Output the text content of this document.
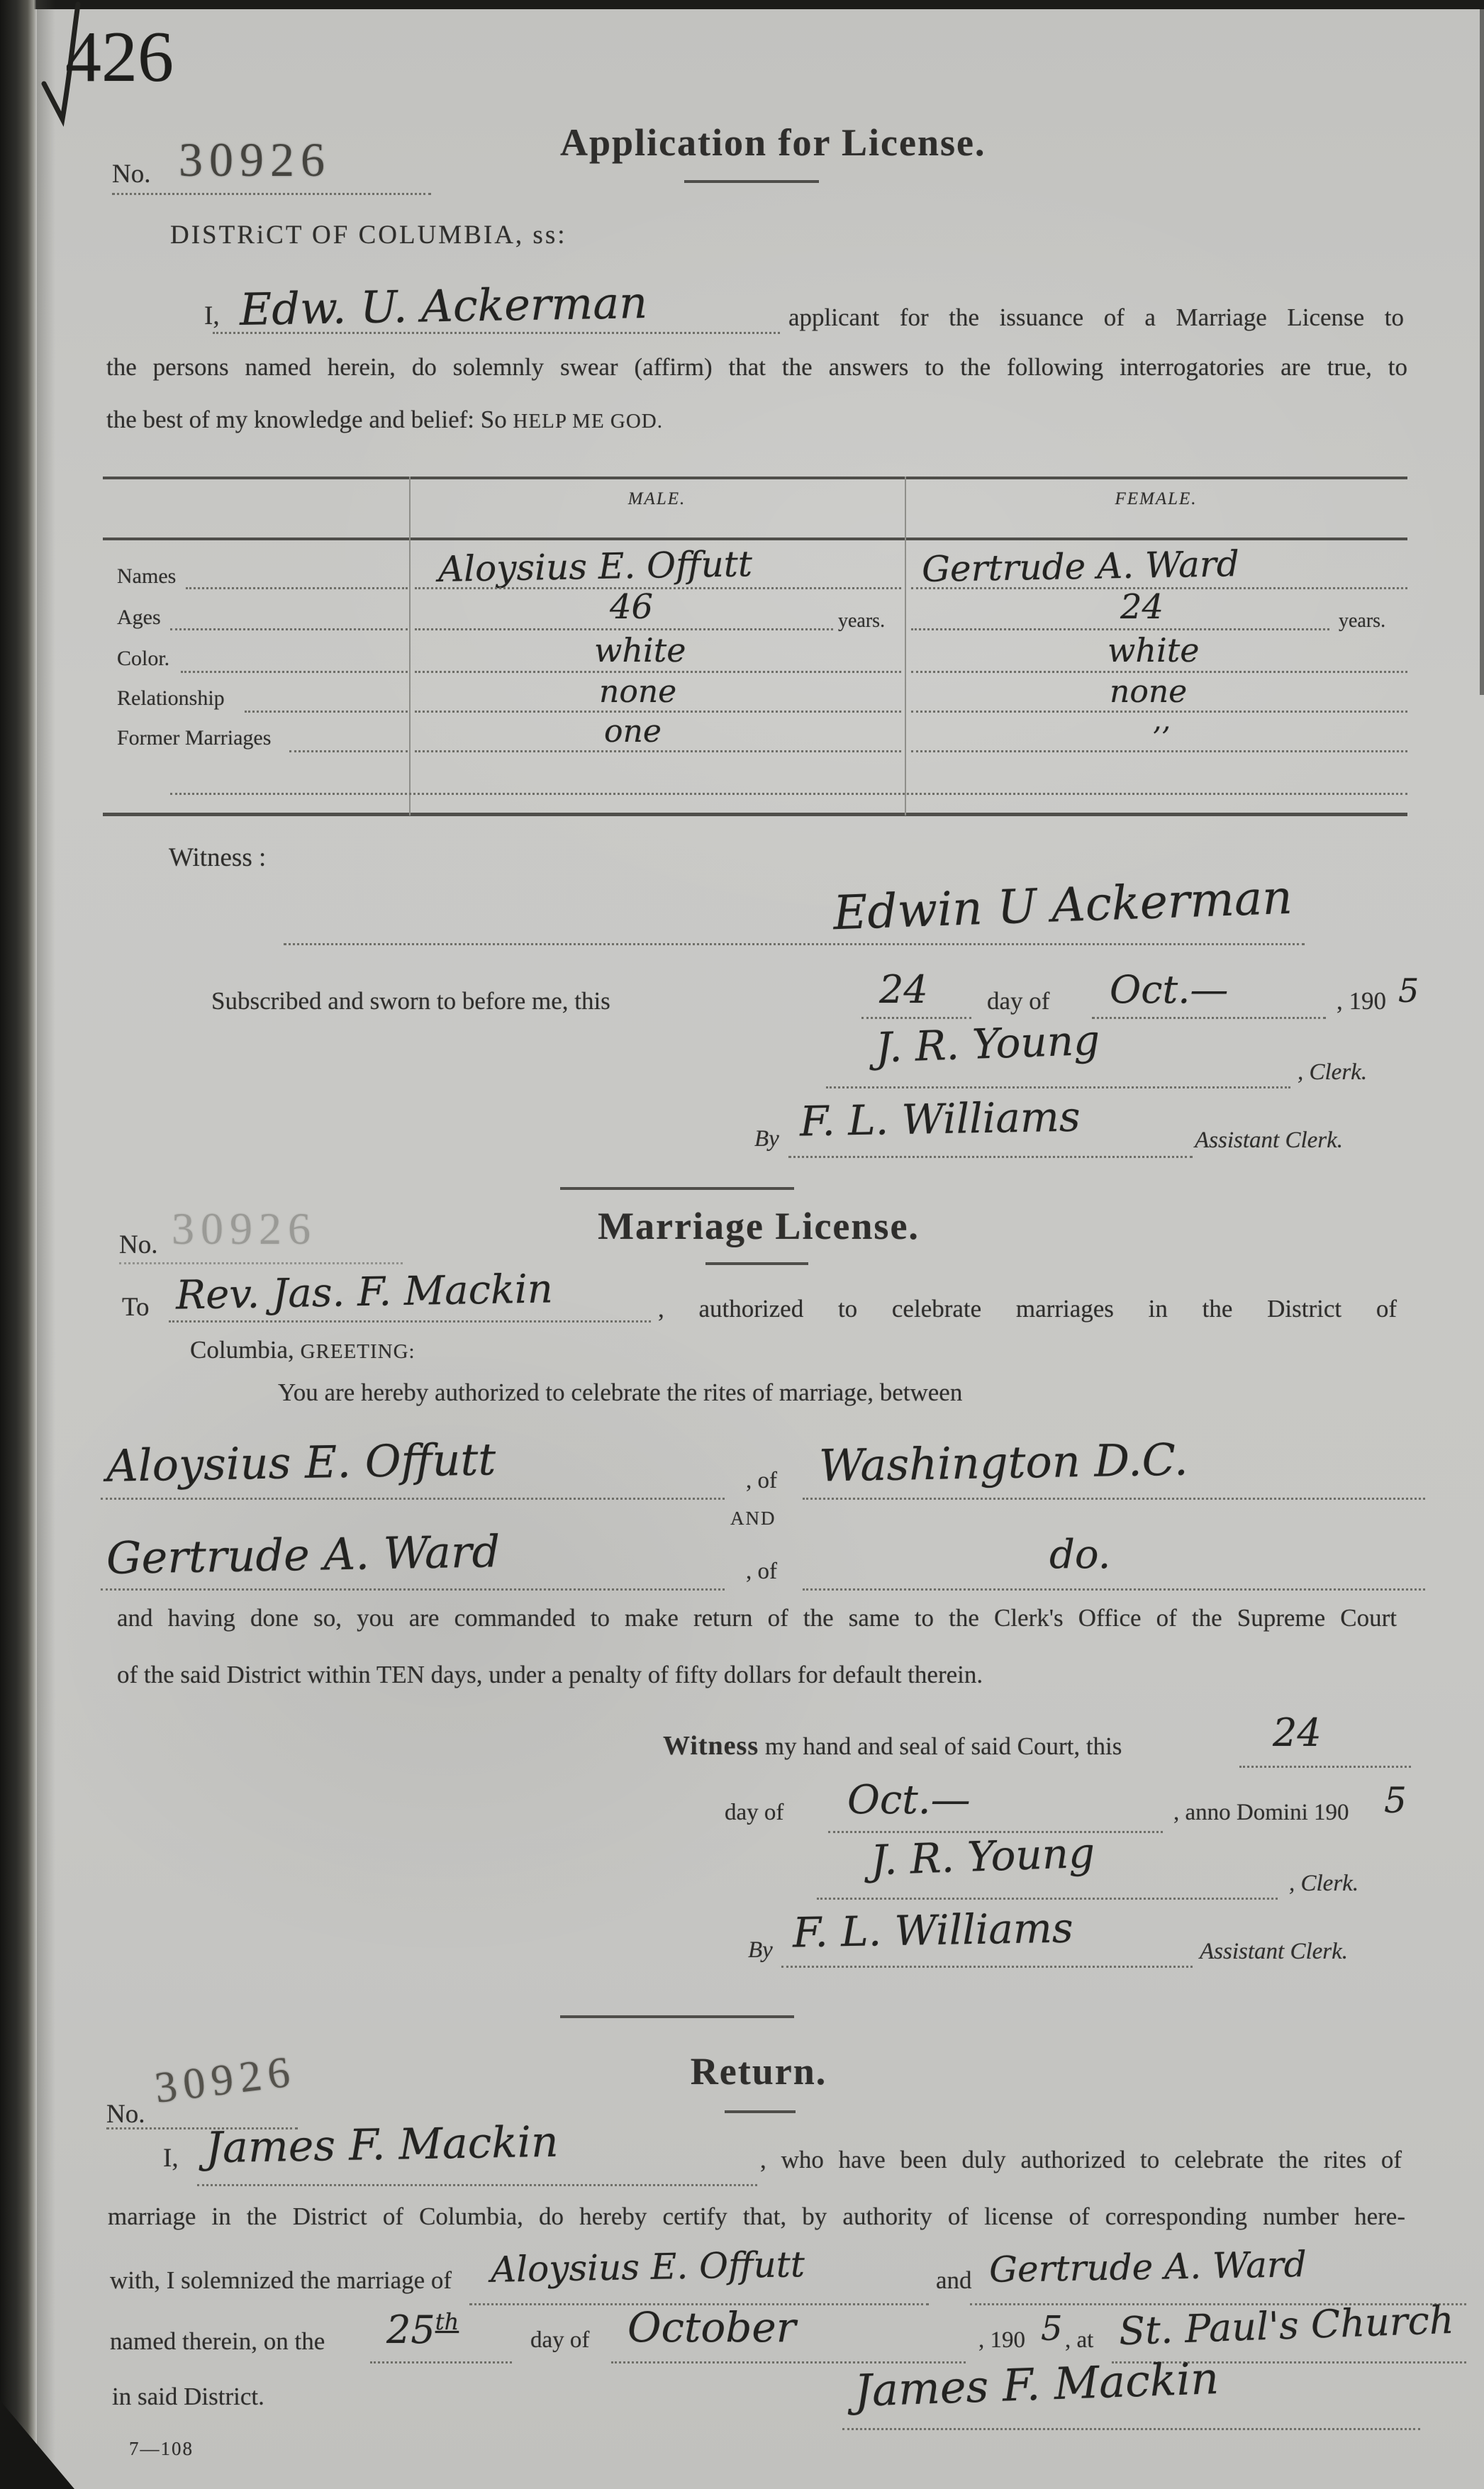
426
No. 30926	Application for License.
DISTRiCT OF COLUMBIA, ss:
I, Edw. U. Ackerman	applicant for the issuance of a Marriage License to
the persons named herein, do solemnly swear (affirm) that the answers to the following interrogatories are true, to
the best of my knowledge and belief: So HELP ME GOD.
MALE.	FEMALE.
Names	Aloysius E. Offutt	Gertrude A. Ward
Ages	46	years.	24	years.
Color.	white	white
Relationship	none	none
Former Marriages	one	’’
Witness :
Edwin U Ackerman
Subscribed and sworn to before me, this	24 day of Oct.—	, 190 5
J. R. Young
, Clerk.
By F. L. Williams	Assistant Clerk.
No. 30926	Marriage License.
To Rev. Jas. F. Mackin	, authorized to celebrate marriages in the District of
Columbia, GREETING:
You are hereby authorized to celebrate the rites of marriage, between
Aloysius E. Offutt	, of Washington D.C.
AND
Gertrude A. Ward	, of	do.
and having done so, you are commanded to make return of the same to the Clerk's Office of the Supreme Court
of the said District within TEN days, under a penalty of fifty dollars for default therein.
Witness my hand and seal of said Court, this	24
day of Oct.—	, anno Domini 190 5
J. R. Young	, Clerk.
By F. L. Williams	Assistant Clerk.
No.
30926	Return.
I, James F. Mackin	, who have been duly authorized to celebrate the rites of
marriage in the District of Columbia, do hereby certify that, by authority of license of corresponding number here-
with, I solemnized the marriage of Aloysius E. Offutt	and Gertrude A. Ward
named therein, on the 25th
day of October	, 190 5 , at St. Paul's Church
in said District.	James F. Mackin
7—108
